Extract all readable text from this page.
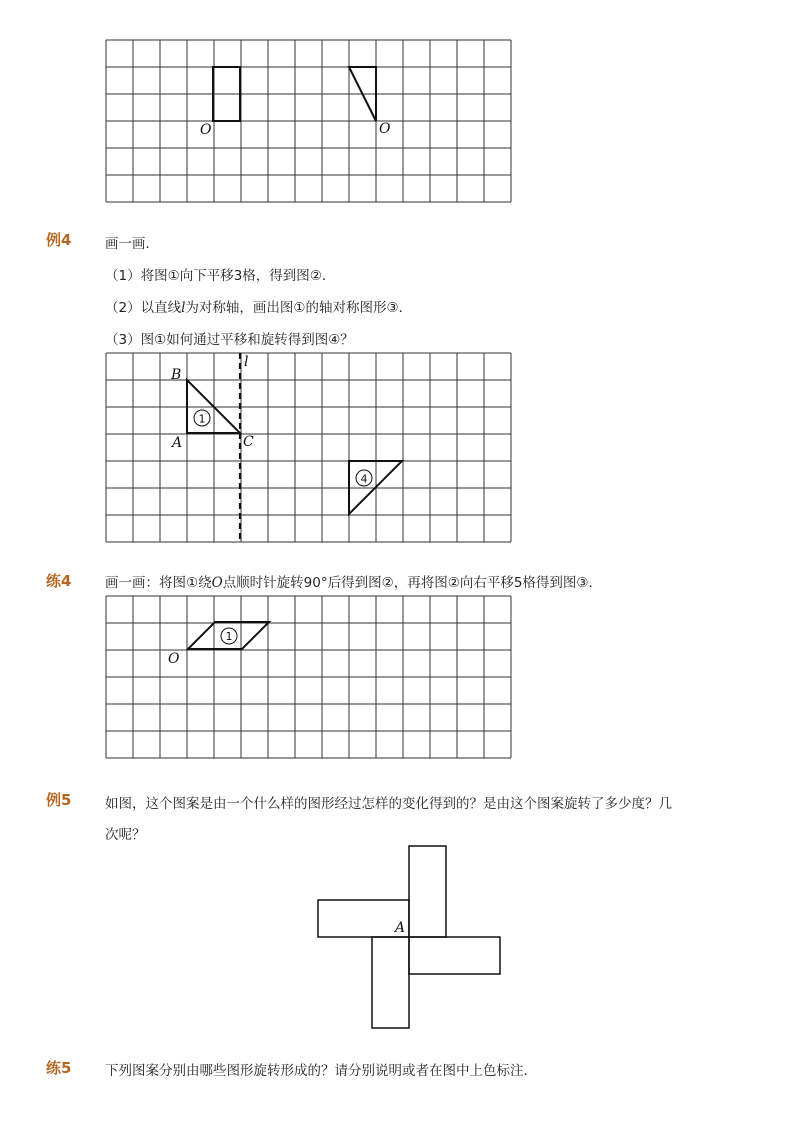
O	O
例4 画一画．
（1）将图①向下平移3格，得到图②．
（2）以直线l为对称轴，画出图①的轴对称图形③．
（3）图①如何通过平移和旋转得到图④？
1
4
B
A	C
l
练4 画一画：将图①绕O点顺时针旋转90°后得到图②，再将图②向右平移5格得到图③．
1
O
例5 如图，这个图案是由一个什么样的图形经过怎样的变化得到的？是由这个图案旋转了多少度？几
次呢？
A
练5 下列图案分别由哪些图形旋转形成的？请分别说明或者在图中上色标注．
